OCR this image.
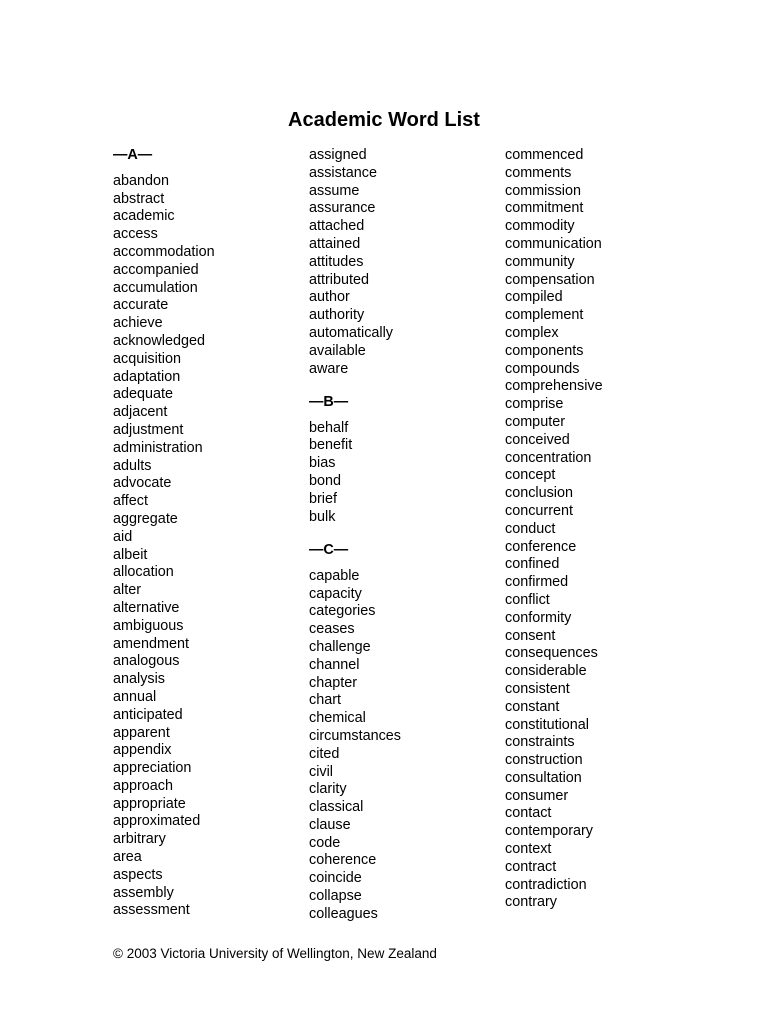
Academic Word List
—A—
abandon
abstract
academic
access
accommodation
accompanied
accumulation
accurate
achieve
acknowledged
acquisition
adaptation
adequate
adjacent
adjustment
administration
adults
advocate
affect
aggregate
aid
albeit
allocation
alter
alternative
ambiguous
amendment
analogous
analysis
annual
anticipated
apparent
appendix
appreciation
approach
appropriate
approximated
arbitrary
area
aspects
assembly
assessment
assigned
assistance
assume
assurance
attached
attained
attitudes
attributed
author
authority
automatically
available
aware
—B—
behalf
benefit
bias
bond
brief
bulk
—C—
capable
capacity
categories
ceases
challenge
channel
chapter
chart
chemical
circumstances
cited
civil
clarity
classical
clause
code
coherence
coincide
collapse
colleagues
commenced
comments
commission
commitment
commodity
communication
community
compensation
compiled
complement
complex
components
compounds
comprehensive
comprise
computer
conceived
concentration
concept
conclusion
concurrent
conduct
conference
confined
confirmed
conflict
conformity
consent
consequences
considerable
consistent
constant
constitutional
constraints
construction
consultation
consumer
contact
contemporary
context
contract
contradiction
contrary
© 2003 Victoria University of Wellington, New Zealand
